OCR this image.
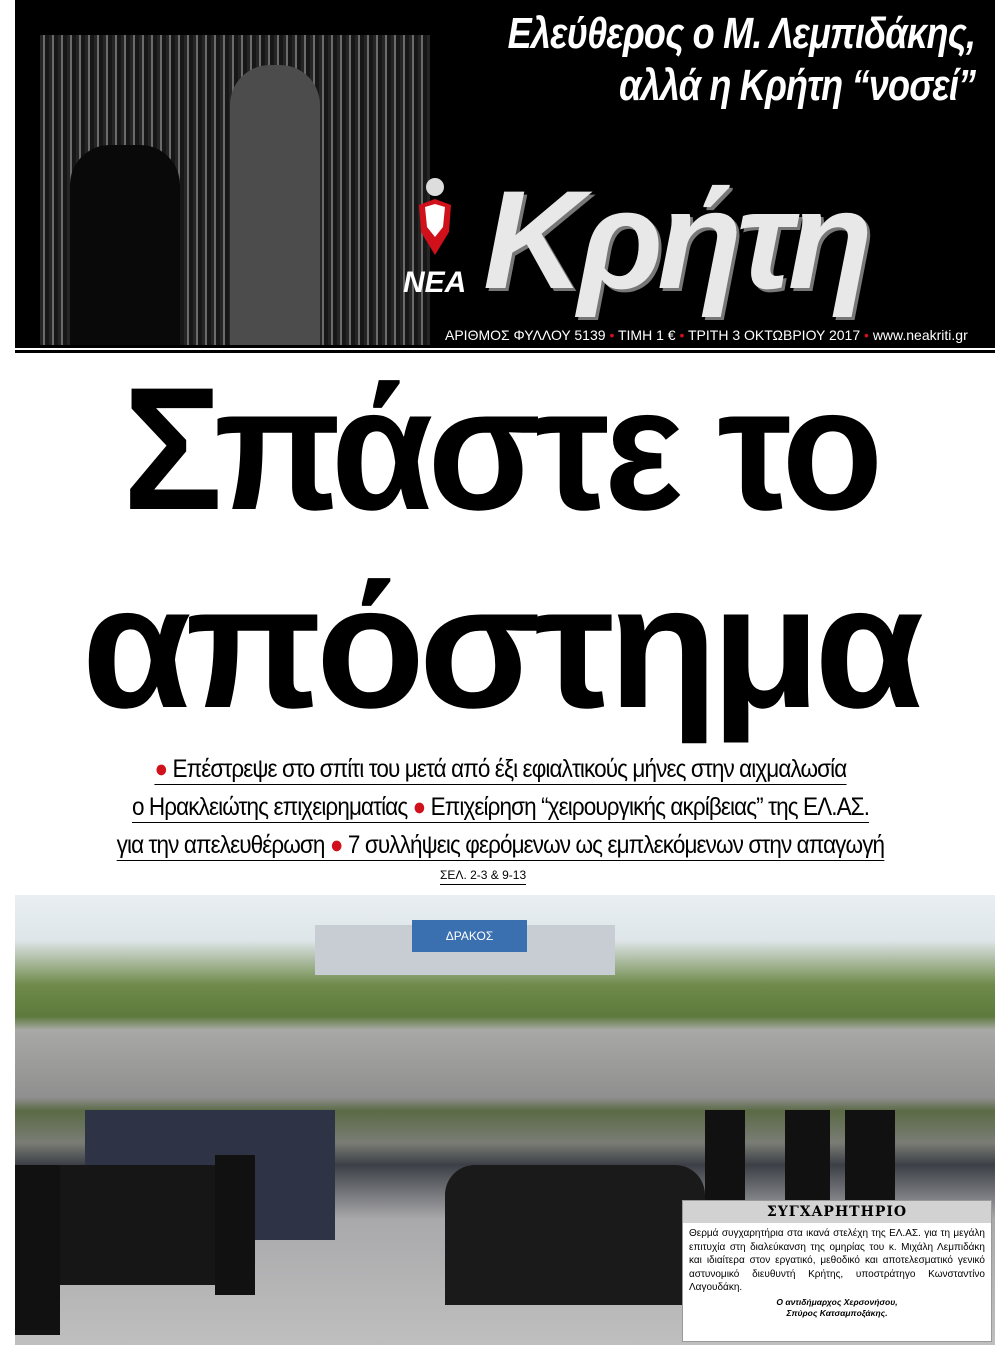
Ελεύθερος ο Μ. Λεμπιδάκης,
αλλά η Κρήτη “νοσεί”
ΝΕΑ Κρήτη
ΑΡΙΘΜΟΣ ΦΥΛΛΟΥ 5139 • ΤΙΜΗ 1 € • ΤΡΙΤΗ 3 ΟΚΤΩΒΡΙΟΥ 2017 • www.neakriti.gr
Σπάστε το
απόστημα
● Επέστρεψε στο σπίτι του μετά από έξι εφιαλτικούς μήνες στην αιχμαλωσία
ο Ηρακλειώτης επιχειρηματίας ● Επιχείρηση “χειρουργικής ακρίβειας” της ΕΛ.ΑΣ.
για την απελευθέρωση ● 7 συλλήψεις φερόμενων ως εμπλεκόμενων στην απαγωγή
ΣΕΛ. 2-3 & 9-13
ΔΡΑΚΟΣ
ΣΥΓΧΑΡΗΤΗΡΙΟ
Θερμά συγχαρητήρια στα ικανά στελέχη της ΕΛ.ΑΣ. για τη μεγάλη επιτυχία στη διαλεύκανση της ομηρίας του κ. Μιχάλη Λεμπιδάκη και ιδιαίτερα στον εργατικό, μεθοδικό και αποτελεσματικό γενικό αστυνομικό διευθυντή Κρήτης, υποστράτηγο Κωνσταντίνο Λαγουδάκη.
Ο αντιδήμαρχος Χερσονήσου,
Σπύρος Κατσαμποξάκης.
